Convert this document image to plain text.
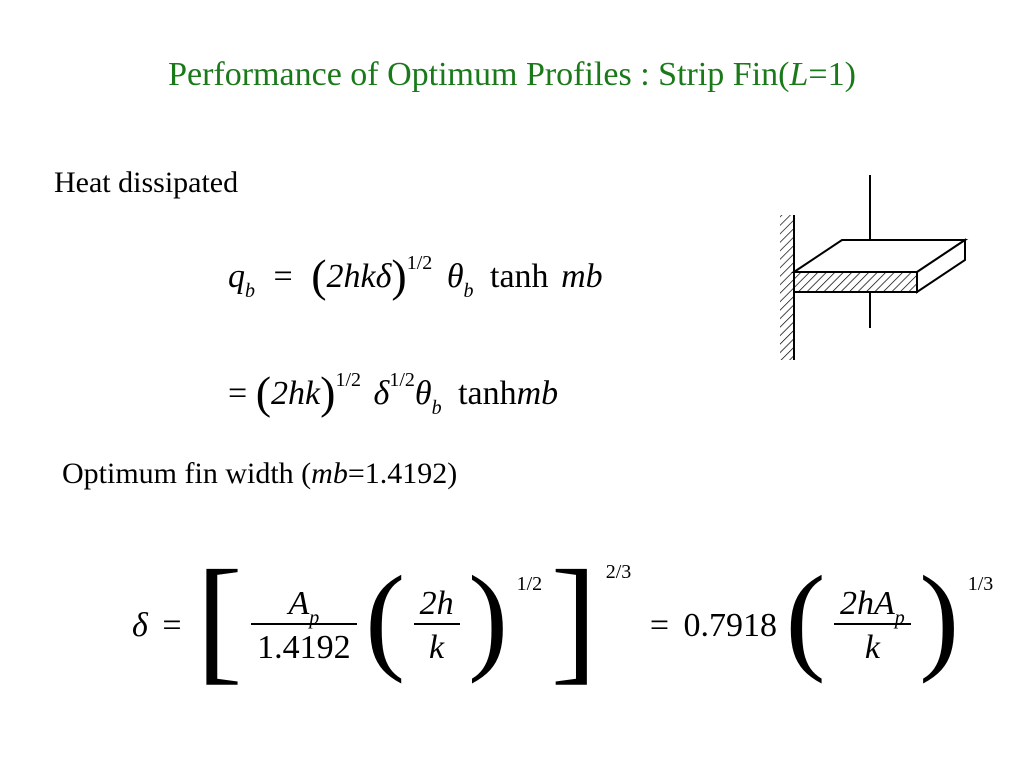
Performance of Optimum Profiles : Strip Fin(L=1)
Heat dissipated
$q_b = (2hk\delta)^{1/2}$ $\theta_b$ tanh mb
= $(2hk)^{1/2}$ $\delta^{1/2}\theta_b$ tanhmb
Optimum fin width (mb=1.4192)
δ = [ $\frac{A_p}{1.4192}$ ( $\frac{2h}{k}$ ) $^{1/2}$ ] $^{2/3}$ = 0.7918 ( $\frac{2hA_p}{k}$ ) $^{1/3}$
